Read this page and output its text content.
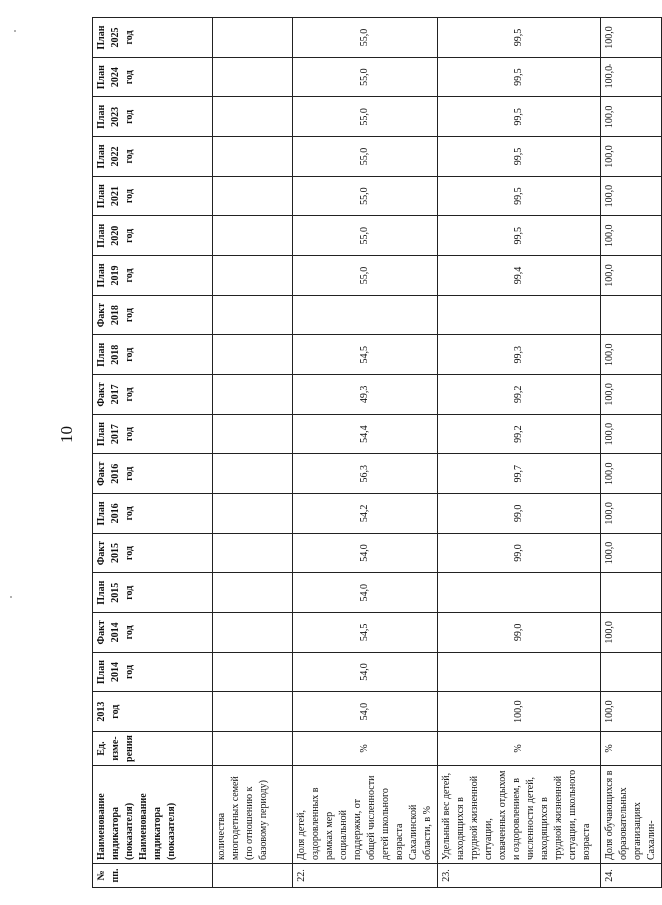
10
№ пп.	Наименование индикатора (показателя) Наименование индикатора (показателя)	Ед. изме-рения	2013 год	План 2014 год	Факт 2014 год	План 2015 год	Факт 2015 год	План 2016 год	Факт 2016 год	План 2017 год	Факт 2017 год	План 2018 год	Факт 2018 год	План 2019 год	План 2020 год	План 2021 год	План 2022 год	План 2023 год	План 2024 год	План 2025 год
	количества многодетных семей (по отношению к базовому периоду)																			
22.	Доля детей, оздоровленных в рамках мер социальной поддержки, от общей численности детей школьного возраста Сахалинской области, в %	%	54,0	54,0	54,5	54,0	54,0	54,2	56,3	54,4	49,3	54,5		55,0	55,0	55,0	55,0	55,0	55,0	55,0
23.	Удельный вес детей, находящихся в трудной жизненной ситуации, охваченных отдыхом и оздоровлением, в численности детей, находящихся в трудной жизненной ситуации, школьного возраста	%	100,0		99,0		99,0	99,0	99,7	99,2	99,2	99,3		99,4	99,5	99,5	99,5	99,5	99,5	99,5
24.	Доля обучающихся в образовательных организациях Сахалин-	%	100,0		100,0		100,0	100,0	100,0	100,0	100,0	100,0		100,0	100,0	100,0	100,0	100,0	100,0	100,0
